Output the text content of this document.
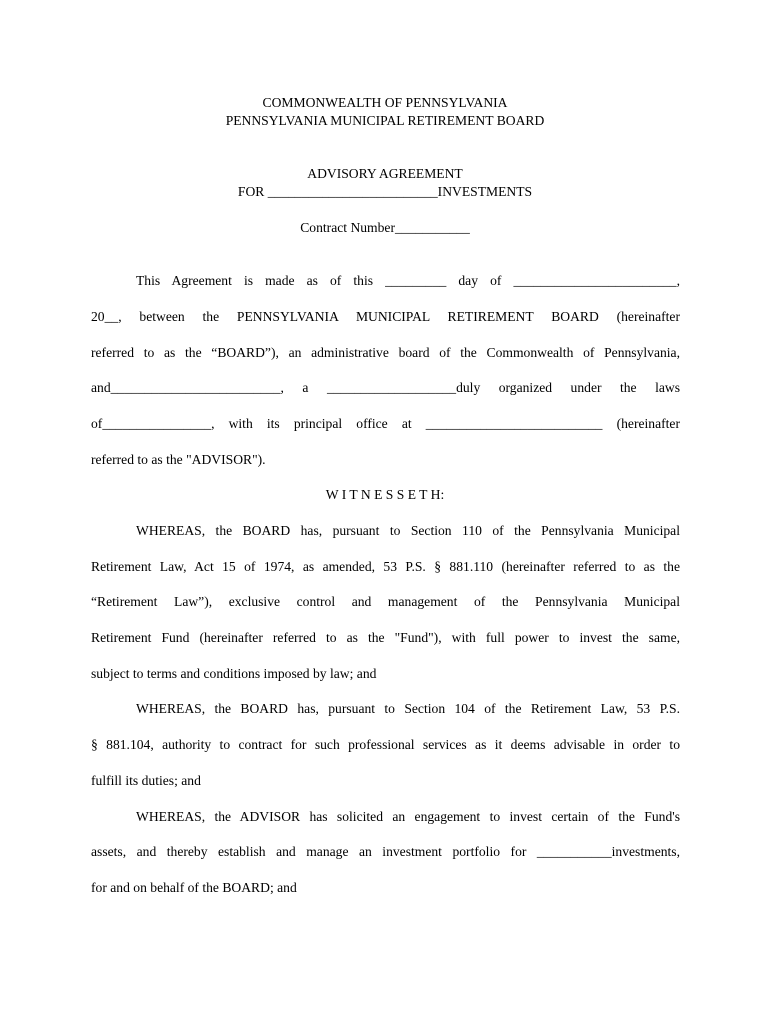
COMMONWEALTH OF PENNSYLVANIA
PENNSYLVANIA MUNICIPAL RETIREMENT BOARD
ADVISORY AGREEMENT
FOR _________________________INVESTMENTS
Contract Number___________
This Agreement is made as of this _________ day of ________________________,
20__, between the PENNSYLVANIA MUNICIPAL RETIREMENT BOARD (hereinafter
referred to as the “BOARD”), an administrative board of the Commonwealth of Pennsylvania,
and_________________________, a ___________________duly organized under the laws
of________________, with its principal office at __________________________ (hereinafter
referred to as the "ADVISOR").
W I T N E S S E T H:
WHEREAS, the BOARD has, pursuant to Section 110 of the Pennsylvania Municipal
Retirement Law, Act 15 of 1974, as amended, 53 P.S. § 881.110 (hereinafter referred to as the
“Retirement Law”), exclusive control and management of the Pennsylvania Municipal
Retirement Fund (hereinafter referred to as the "Fund"), with full power to invest the same,
subject to terms and conditions imposed by law; and
WHEREAS, the BOARD has, pursuant to Section 104 of the Retirement Law, 53 P.S.
§ 881.104, authority to contract for such professional services as it deems advisable in order to
fulfill its duties; and
WHEREAS, the ADVISOR has solicited an engagement to invest certain of the Fund's
assets, and thereby establish and manage an investment portfolio for ___________investments,
for and on behalf of the BOARD; and
